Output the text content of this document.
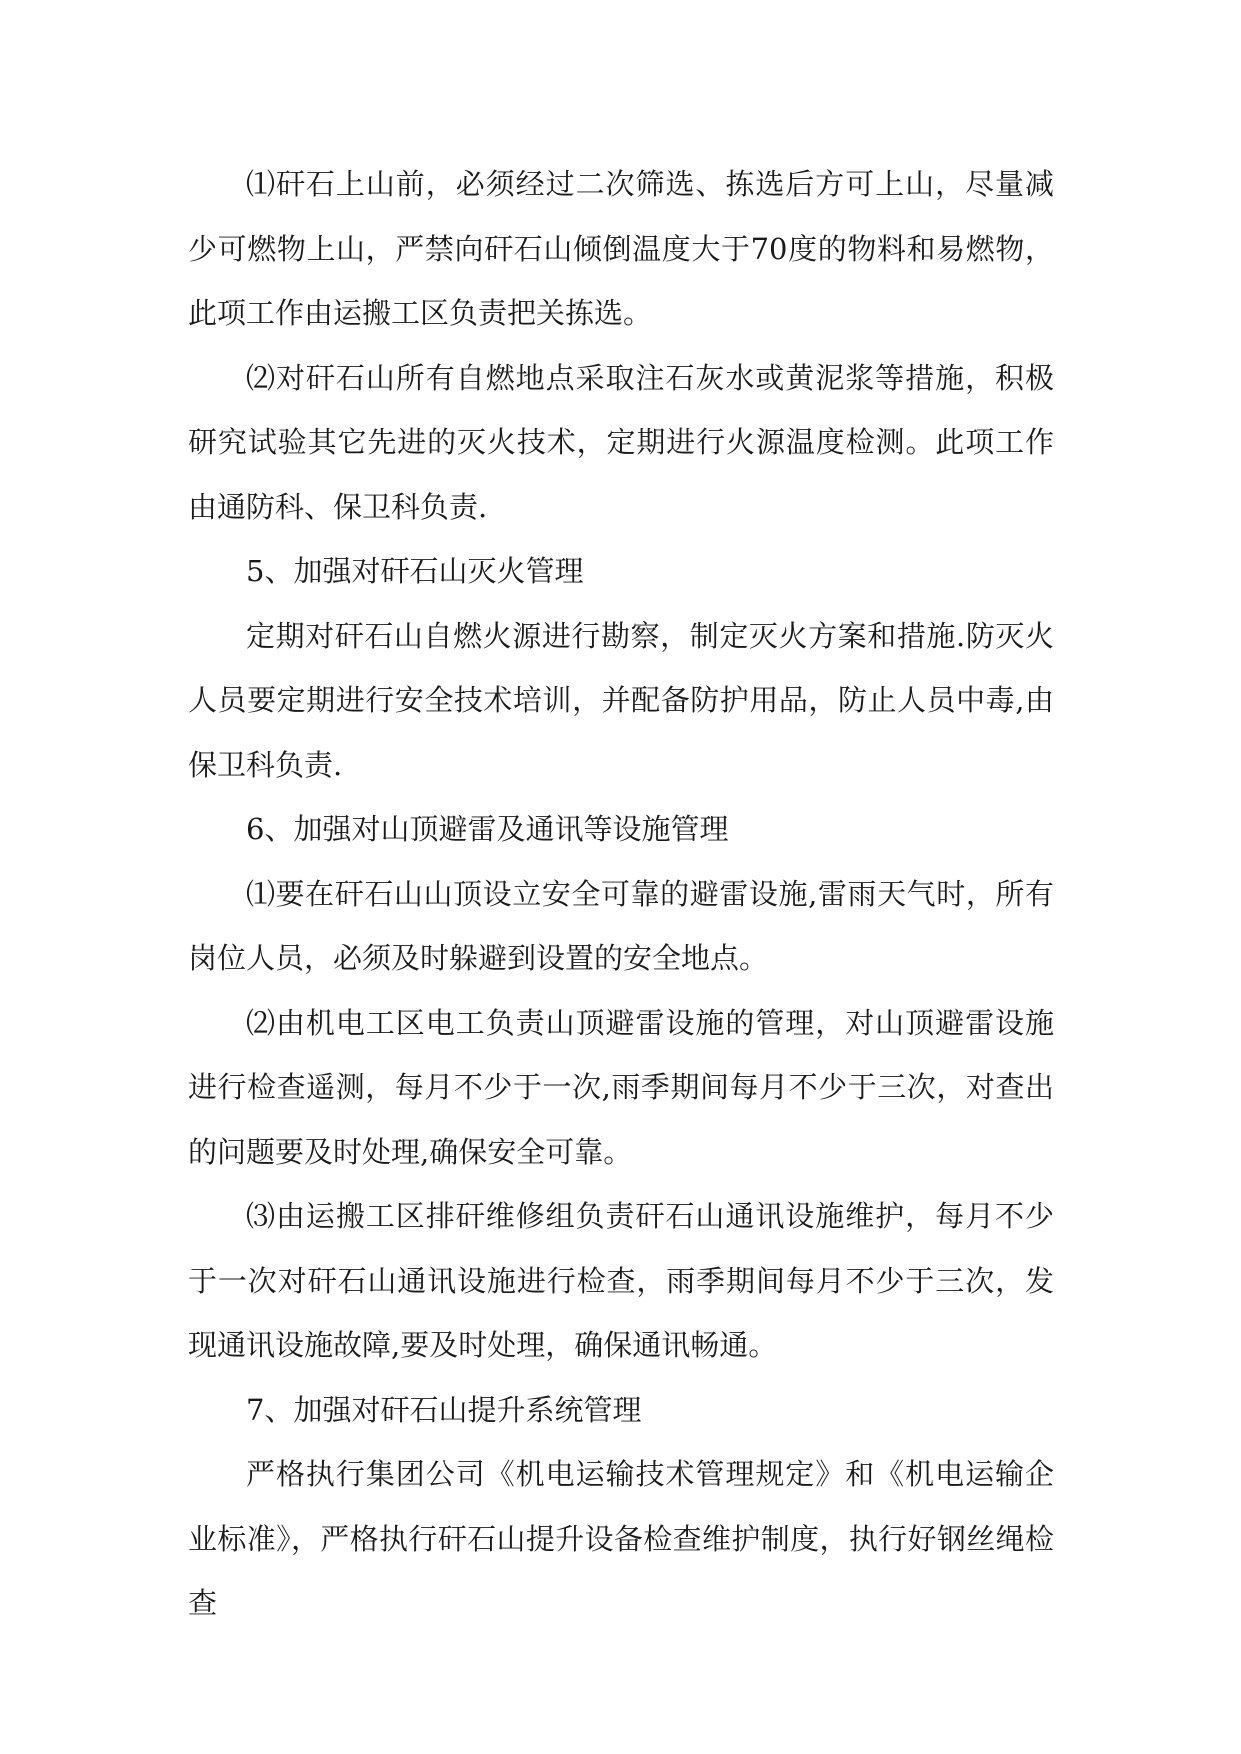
⑴矸石上山前，必须经过二次筛选、拣选后方可上山，尽量减少可燃物上山，严禁向矸石山倾倒温度大于70度的物料和易燃物，此项工作由运搬工区负责把关拣选。

⑵对矸石山所有自燃地点采取注石灰水或黄泥浆等措施，积极研究试验其它先进的灭火技术，定期进行火源温度检测。此项工作由通防科、保卫科负责.

5、加强对矸石山灭火管理

定期对矸石山自燃火源进行勘察，制定灭火方案和措施.防灭火人员要定期进行安全技术培训，并配备防护用品，防止人员中毒,由保卫科负责.

6、加强对山顶避雷及通讯等设施管理

⑴要在矸石山山顶设立安全可靠的避雷设施,雷雨天气时，所有岗位人员，必须及时躲避到设置的安全地点。

⑵由机电工区电工负责山顶避雷设施的管理，对山顶避雷设施进行检查遥测，每月不少于一次,雨季期间每月不少于三次，对查出的问题要及时处理,确保安全可靠。

⑶由运搬工区排矸维修组负责矸石山通讯设施维护，每月不少于一次对矸石山通讯设施进行检查，雨季期间每月不少于三次，发现通讯设施故障,要及时处理，确保通讯畅通。

7、加强对矸石山提升系统管理

严格执行集团公司《机电运输技术管理规定》和《机电运输企业标准》，严格执行矸石山提升设备检查维护制度，执行好钢丝绳检查
